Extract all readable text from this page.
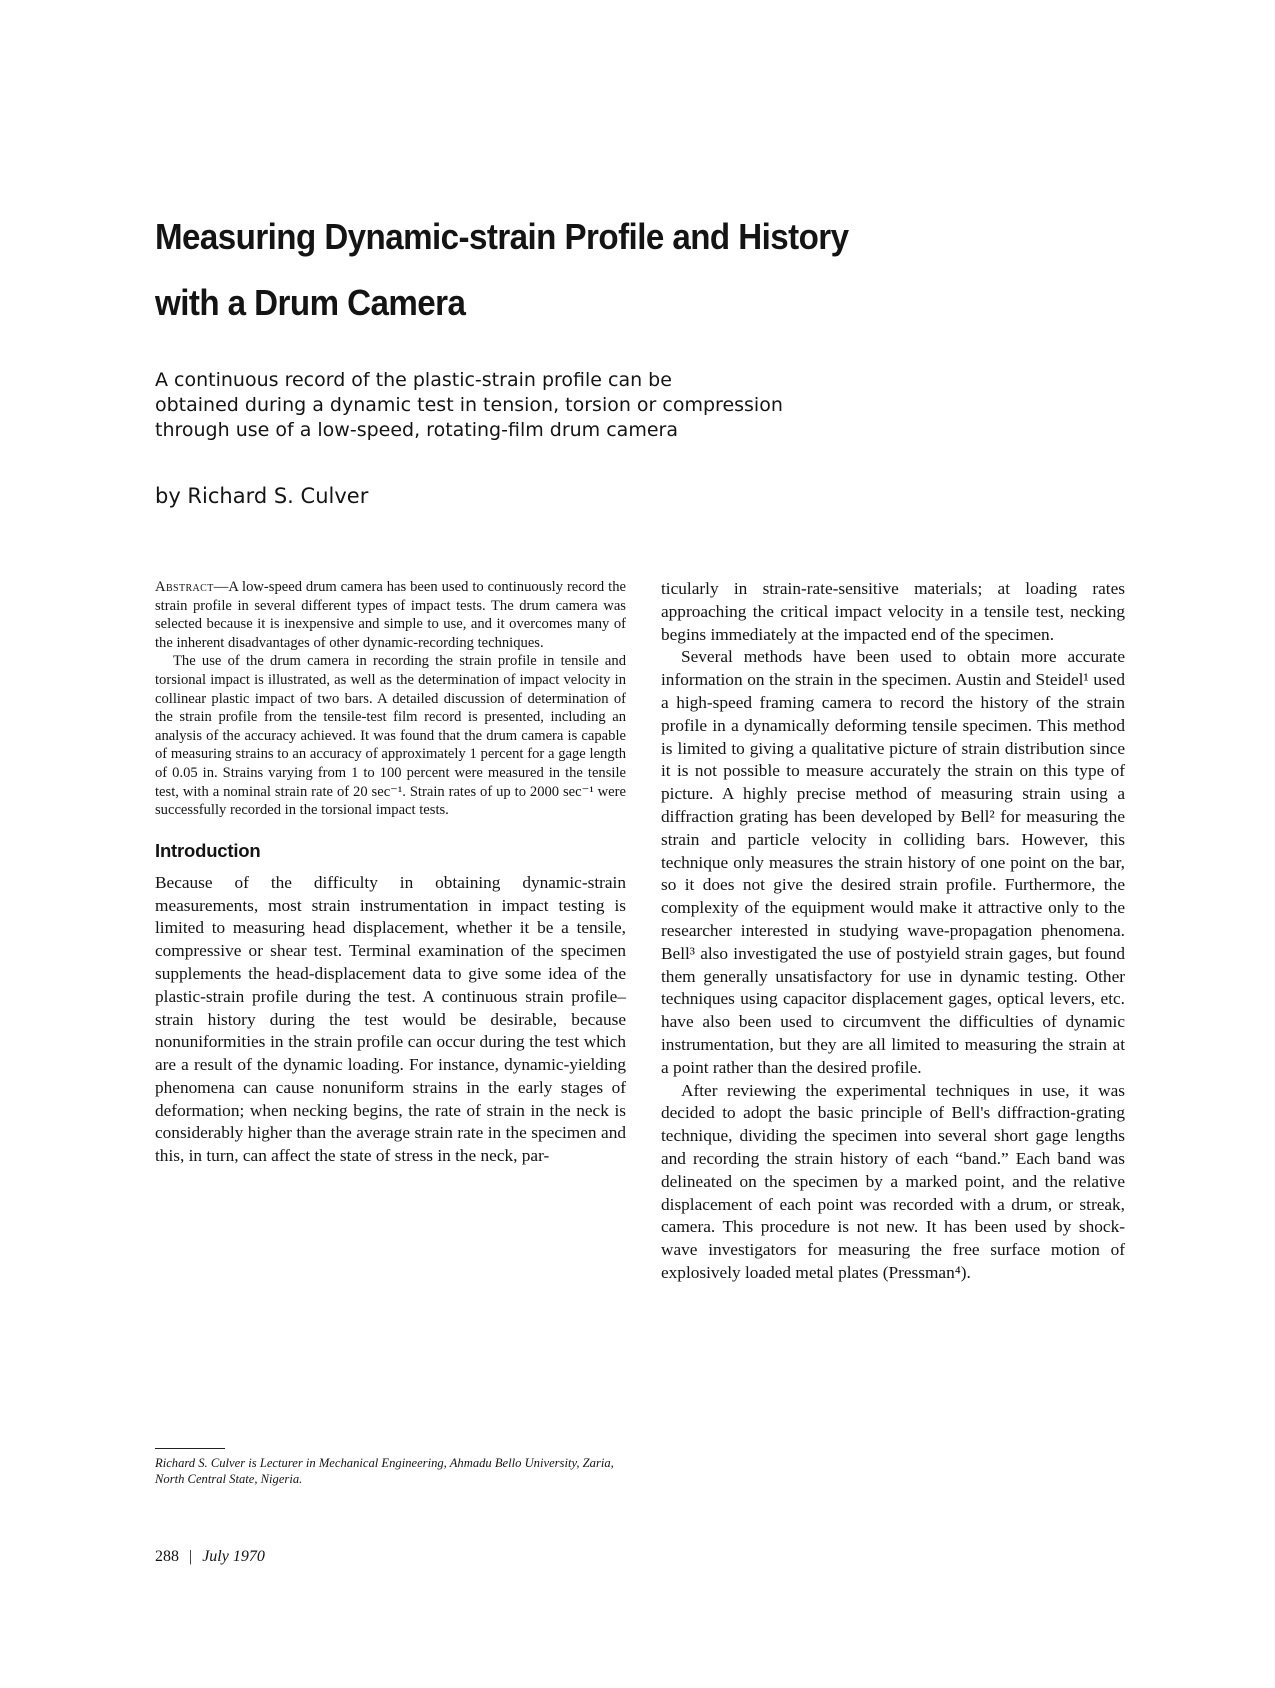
Measuring Dynamic-strain Profile and History
with a Drum Camera
A continuous record of the plastic-strain profile can be
obtained during a dynamic test in tension, torsion or compression
through use of a low-speed, rotating-film drum camera
by Richard S. Culver

Abstract—A low-speed drum camera has been used to continuously record the strain profile in several different types of impact tests. The drum camera was selected because it is inexpensive and simple to use, and it overcomes many of the inherent disadvantages of other dynamic-recording techniques.

The use of the drum camera in recording the strain profile in tensile and torsional impact is illustrated, as well as the determination of impact velocity in collinear plastic impact of two bars. A detailed discussion of determination of the strain profile from the tensile-test film record is presented, including an analysis of the accuracy achieved. It was found that the drum camera is capable of measuring strains to an accuracy of approximately 1 percent for a gage length of 0.05 in. Strains varying from 1 to 100 percent were measured in the tensile test, with a nominal strain rate of 20 sec⁻¹. Strain rates of up to 2000 sec⁻¹ were successfully recorded in the torsional impact tests.

Introduction

Because of the difficulty in obtaining dynamic-strain measurements, most strain instrumentation in impact testing is limited to measuring head displacement, whether it be a tensile, compressive or shear test. Terminal examination of the specimen supplements the head-displacement data to give some idea of the plastic-strain profile during the test. A continuous strain profile–strain history during the test would be desirable, because nonuniformities in the strain profile can occur during the test which are a result of the dynamic loading. For instance, dynamic-yielding phenomena can cause nonuniform strains in the early stages of deformation; when necking begins, the rate of strain in the neck is considerably higher than the average strain rate in the specimen and this, in turn, can affect the state of stress in the neck, par-

ticularly in strain-rate-sensitive materials; at loading rates approaching the critical impact velocity in a tensile test, necking begins immediately at the impacted end of the specimen.

Several methods have been used to obtain more accurate information on the strain in the specimen. Austin and Steidel¹ used a high-speed framing camera to record the history of the strain profile in a dynamically deforming tensile specimen. This method is limited to giving a qualitative picture of strain distribution since it is not possible to measure accurately the strain on this type of picture. A highly precise method of measuring strain using a diffraction grating has been developed by Bell² for measuring the strain and particle velocity in colliding bars. However, this technique only measures the strain history of one point on the bar, so it does not give the desired strain profile. Furthermore, the complexity of the equipment would make it attractive only to the researcher interested in studying wave-propagation phenomena. Bell³ also investigated the use of postyield strain gages, but found them generally unsatisfactory for use in dynamic testing. Other techniques using capacitor displacement gages, optical levers, etc. have also been used to circumvent the difficulties of dynamic instrumentation, but they are all limited to measuring the strain at a point rather than the desired profile.

After reviewing the experimental techniques in use, it was decided to adopt the basic principle of Bell's diffraction-grating technique, dividing the specimen into several short gage lengths and recording the strain history of each “band.” Each band was delineated on the specimen by a marked point, and the relative displacement of each point was recorded with a drum, or streak, camera. This procedure is not new. It has been used by shock-wave investigators for measuring the free surface motion of explosively loaded metal plates (Pressman⁴).

Richard S. Culver is Lecturer in Mechanical Engineering, Ahmadu Bello University, Zaria, North Central State, Nigeria.
288 | July 1970
